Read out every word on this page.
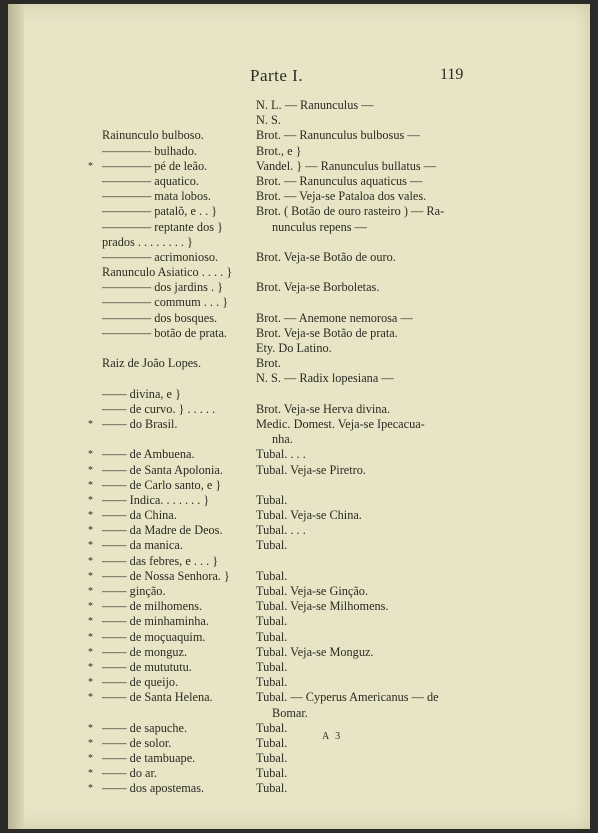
Parte I.	119
N. L. — Ranunculus —
N. S.
Rainunculo bulboso.	Brot. — Ranunculus bulbosus —
———— bulhado.	Brot., e }
* ———— pé de leão.	Vandel. } — Ranunculus bullatus —
———— aquatico.	Brot. — Ranunculus aquaticus —
———— mata lobos.	Brot. — Veja-se Pataloa dos vales.
———— patalõ, e . . }	Brot. ( Botão de ouro rasteiro ) — Ra-
———— reptante dos }	nunculus repens —
prados . . . . . . . . }
———— acrimonioso.	Brot. Veja-se Botão de ouro.
Ranunculo Asiatico . . . . }
———— dos jardins . }	Brot. Veja-se Borboletas.
———— commum . . . }
———— dos bosques.	Brot. — Anemone nemorosa —
———— botão de prata. Brot. Veja-se Botão de prata.
Ety. Do Latino.
Raiz de João Lopes.	Brot.
N. S. — Radix lopesiana —
—— divina, e }
—— de curvo. } . . . . .	Brot. Veja-se Herva divina.
* —— do Brasil.	Medic. Domest. Veja-se Ipecacua-
nha.
* —— de Ambuena.	Tubal. . . .
* —— de Santa Apolonia.	Tubal. Veja-se Piretro.
* —— de Carlo santo, e }
* —— Indica. . . . . . . }	Tubal.
* —— da China.	Tubal. Veja-se China.
* —— da Madre de Deos.	Tubal. . . .
* —— da manica.	Tubal.
* —— das febres, e . . . }
* —— de Nossa Senhora. } Tubal.
* —— ginção.	Tubal. Veja-se Ginção.
* —— de milhomens.	Tubal. Veja-se Milhomens.
* —— de minhaminha.	Tubal.
* —— de moçuaquim.	Tubal.
* —— de monguz.	Tubal. Veja-se Monguz.
* —— de mutututu.	Tubal.
* —— de queijo.	Tubal.
* —— de Santa Helena.	Tubal. — Cyperus Americanus — de
Bomar.
* —— de sapuche.	Tubal.
* —— de solor.	Tubal.
* —— de tambuape.	Tubal.
* —— do ar.	Tubal.
* —— dos apostemas.	Tubal.
A 3
